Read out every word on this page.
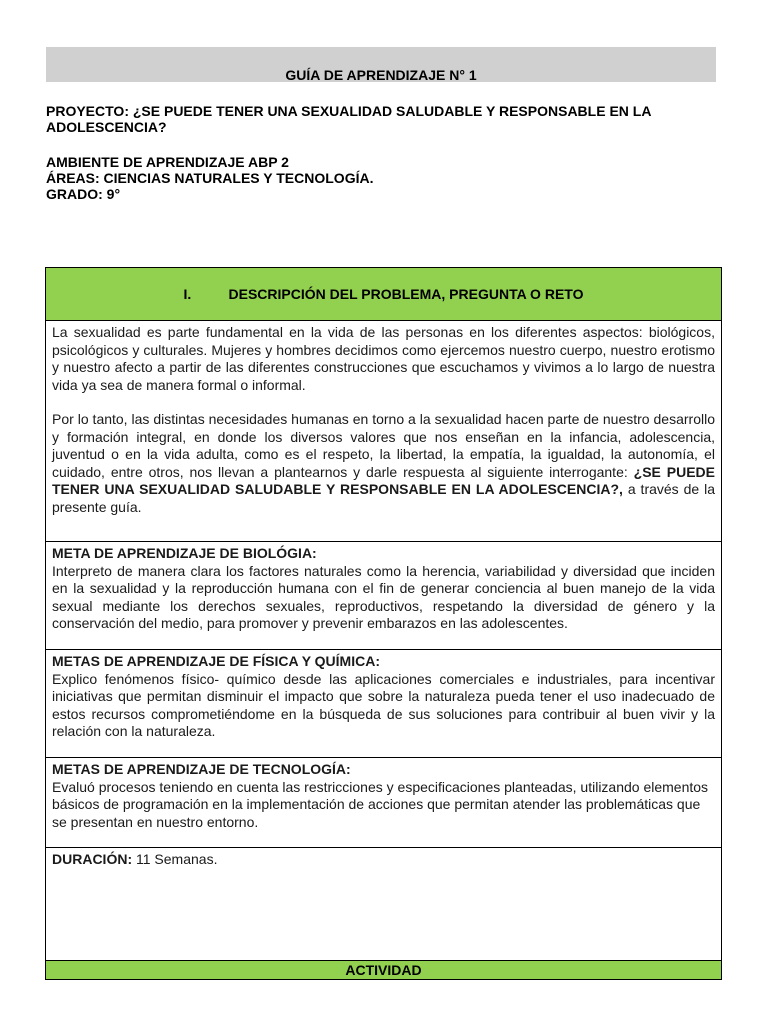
GUÍA DE APRENDIZAJE N° 1
PROYECTO: ¿SE PUEDE TENER UNA SEXUALIDAD SALUDABLE Y RESPONSABLE EN LA
ADOLESCENCIA?
AMBIENTE DE APRENDIZAJE ABP 2
ÁREAS: CIENCIAS NATURALES Y TECNOLOGÍA.
GRADO: 9°
I.	DESCRIPCIÓN DEL PROBLEMA, PREGUNTA O RETO

La sexualidad es parte fundamental en la vida de las personas en los diferentes aspectos: biológicos, psicológicos y culturales. Mujeres y hombres decidimos como ejercemos nuestro cuerpo, nuestro erotismo y nuestro afecto a partir de las diferentes construcciones que escuchamos y vivimos a lo largo de nuestra vida ya sea de manera formal o informal.

Por lo tanto, las distintas necesidades humanas en torno a la sexualidad hacen parte de nuestro desarrollo y formación integral, en donde los diversos valores que nos enseñan en la infancia, adolescencia, juventud o en la vida adulta, como es el respeto, la libertad, la empatía, la igualdad, la autonomía, el cuidado, entre otros, nos llevan a plantearnos y darle respuesta al siguiente interrogante: ¿SE PUEDE TENER UNA SEXUALIDAD SALUDABLE Y RESPONSABLE EN LA ADOLESCENCIA?, a través de la presente guía.

META DE APRENDIZAJE DE BIOLÓGIA:
Interpreto de manera clara los factores naturales como la herencia, variabilidad y diversidad que inciden en la sexualidad y la reproducción humana con el fin de generar conciencia al buen manejo de la vida sexual mediante los derechos sexuales, reproductivos, respetando la diversidad de género y la conservación del medio, para promover y prevenir embarazos en las adolescentes.
METAS DE APRENDIZAJE DE FÍSICA Y QUÍMICA:
Explico fenómenos físico- químico desde las aplicaciones comerciales e industriales, para incentivar iniciativas que permitan disminuir el impacto que sobre la naturaleza pueda tener el uso inadecuado de estos recursos comprometiéndome en la búsqueda de sus soluciones para contribuir al buen vivir y la relación con la naturaleza.
METAS DE APRENDIZAJE DE TECNOLOGÍA:
Evaluó procesos teniendo en cuenta las restricciones y especificaciones planteadas, utilizando elementos básicos de programación en la implementación de acciones que permitan atender las problemáticas que se presentan en nuestro entorno.
DURACIÓN: 11 Semanas.
ACTIVIDAD
